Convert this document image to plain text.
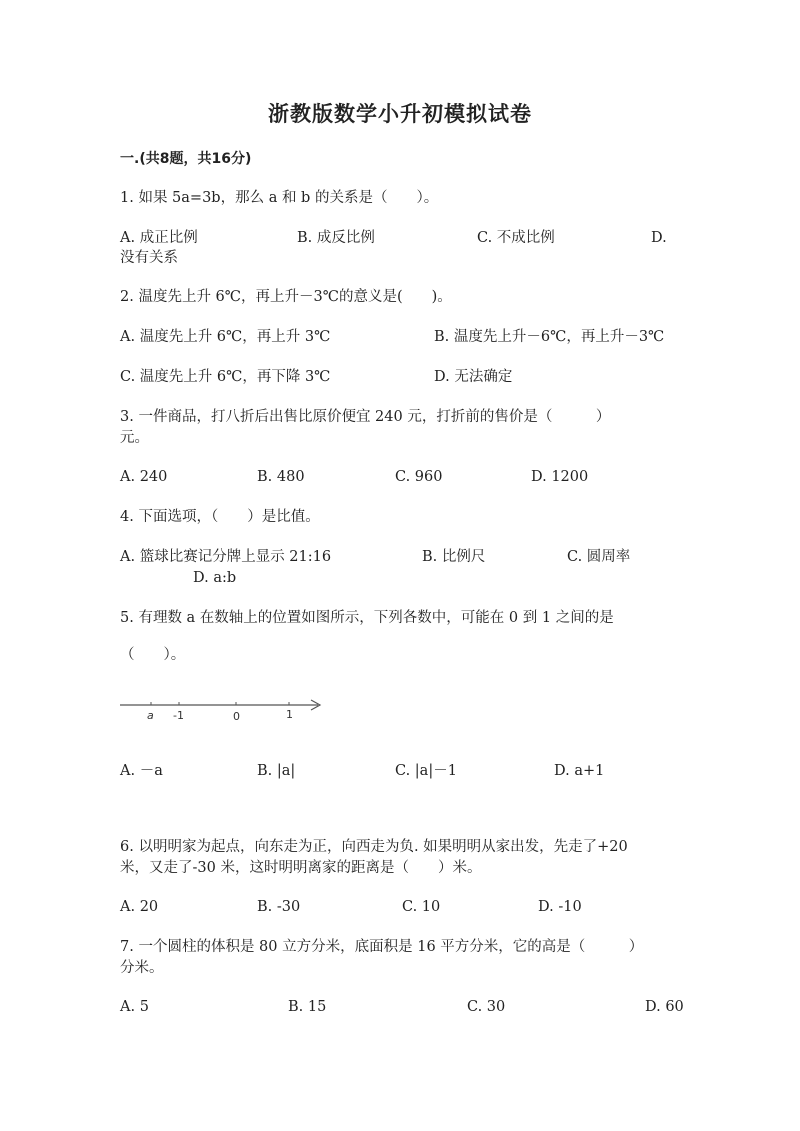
浙教版数学小升初模拟试卷
一.(共8题，共16分)
1. 如果 5a=3b，那么 a 和 b 的关系是（　　）。
A. 成正比例	B. 成反比例	C. 不成比例	D.
没有关系
2. 温度先上升 6℃，再上升－3℃的意义是(　　)。
A. 温度先上升 6℃，再上升 3℃	B. 温度先上升－6℃，再上升－3℃
C. 温度先上升 6℃，再下降 3℃	D. 无法确定
3. 一件商品，打八折后出售比原价便宜 240 元，打折前的售价是（　　　）
元。
A. 240	B. 480	C. 960	D. 1200
4. 下面选项，（　　）是比值。
A. 篮球比赛记分牌上显示 21:16	B. 比例尺	C. 圆周率
D. a:b
5. 有理数 a 在数轴上的位置如图所示，下列各数中，可能在 0 到 1 之间的是
（　　）。
a -1	0	1
A. －a	B. |a|	C. |a|－1	D. a+1
6. 以明明家为起点，向东走为正，向西走为负. 如果明明从家出发，先走了+20
米，又走了-30 米，这时明明离家的距离是（　　）米。
A. 20	B. -30	C. 10	D. -10
7. 一个圆柱的体积是 80 立方分米，底面积是 16 平方分米，它的高是（　　　）
分米。
A. 5	B. 15	C. 30	D. 60
